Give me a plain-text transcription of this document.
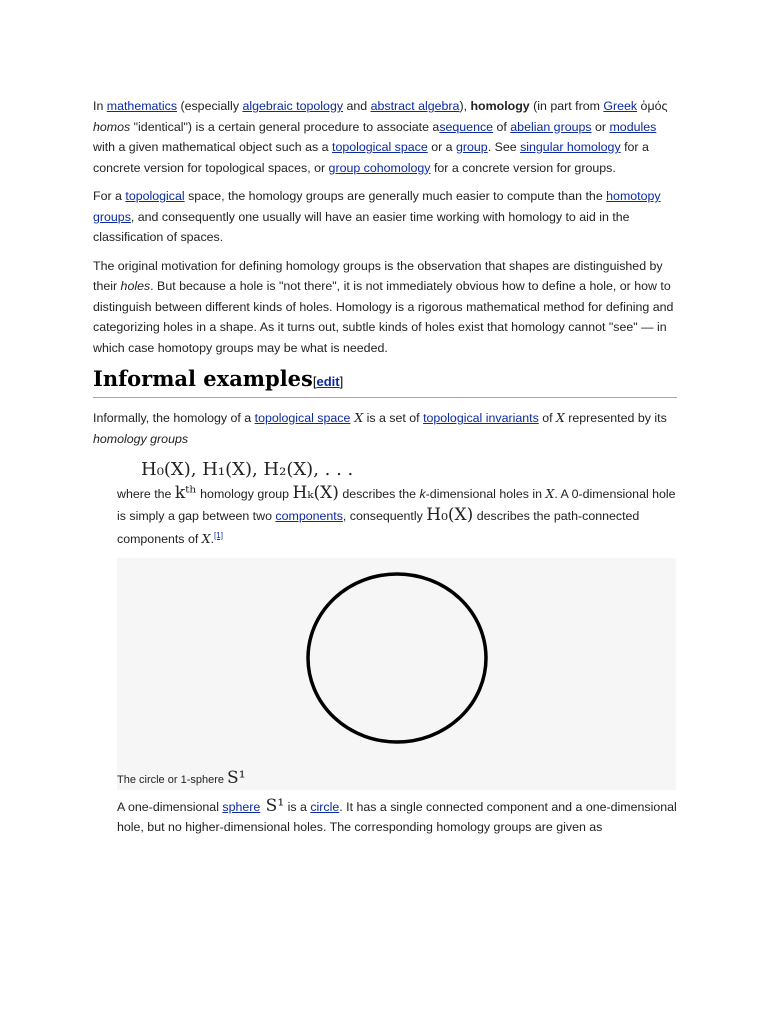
In mathematics (especially algebraic topology and abstract algebra), homology (in part from Greek ὁμός homos "identical") is a certain general procedure to associate asequence of abelian groups or modules with a given mathematical object such as a topological space or a group. See singular homology for a concrete version for topological spaces, or group cohomology for a concrete version for groups.

For a topological space, the homology groups are generally much easier to compute than the homotopy groups, and consequently one usually will have an easier time working with homology to aid in the classification of spaces.

The original motivation for defining homology groups is the observation that shapes are distinguished by their holes. But because a hole is "not there", it is not immediately obvious how to define a hole, or how to distinguish between different kinds of holes. Homology is a rigorous mathematical method for defining and categorizing holes in a shape. As it turns out, subtle kinds of holes exist that homology cannot "see" — in which case homotopy groups may be what is needed.

Informal examples[edit]

Informally, the homology of a topological space X is a set of topological invariants of X represented by its homology groups

H₀(X), H₁(X), H₂(X), . . .

where the kᵗʰ homology group Hₖ(X) describes the k-dimensional holes in X. A 0-dimensional hole is simply a gap between two components, consequently H₀(X) describes the path-connected components of X.[1]

The circle or 1-sphere S¹

A one-dimensional sphere S¹ is a circle. It has a single connected component and a one-dimensional hole, but no higher-dimensional holes. The corresponding homology groups are given as
